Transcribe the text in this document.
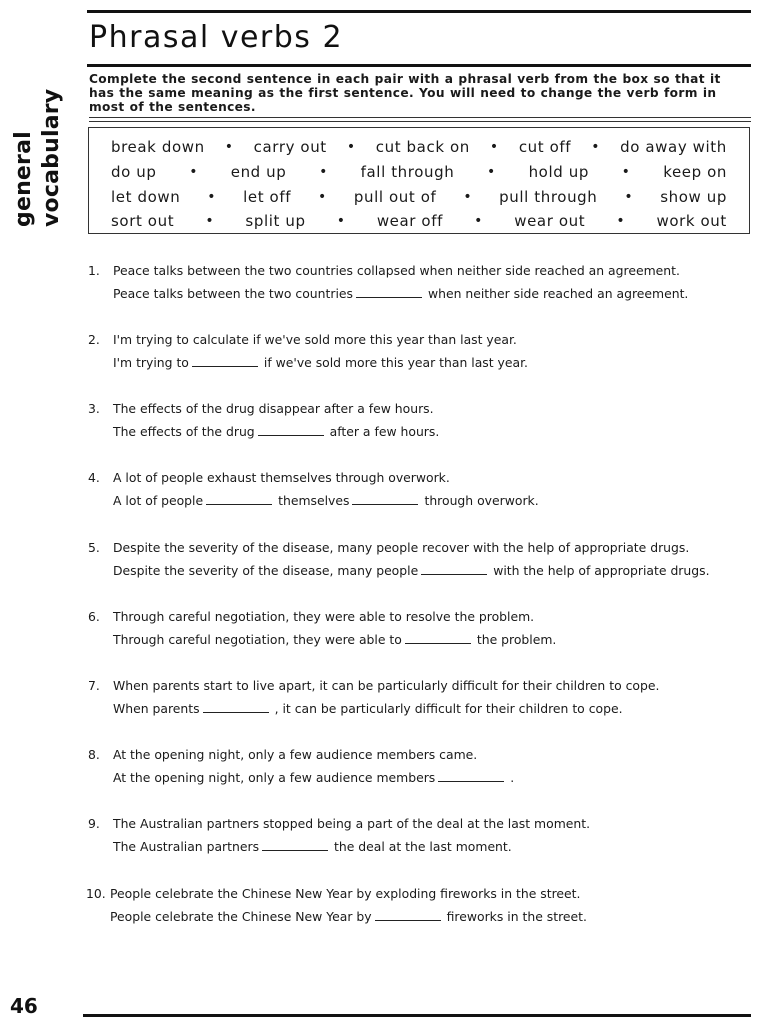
general vocabulary
Phrasal verbs 2
Complete the second sentence in each pair with a phrasal verb from the box so that it has the same meaning as the first sentence. You will need to change the verb form in most of the sentences.
break down • carry out • cut back on • cut off • do away with
do up • end up • fall through • hold up • keep on
let down • let off • pull out of • pull through • show up
sort out • split up • wear off • wear out • work out
1. Peace talks between the two countries collapsed when neither side reached an agreement.
Peace talks between the two countries	when neither side reached an agreement.
2. I'm trying to calculate if we've sold more this year than last year.
I'm trying to	if we've sold more this year than last year.
3. The effects of the drug disappear after a few hours.
The effects of the drug	after a few hours.
4. A lot of people exhaust themselves through overwork.
A lot of people	themselves	through overwork.
5. Despite the severity of the disease, many people recover with the help of appropriate drugs.
Despite the severity of the disease, many people	with the help of appropriate drugs.
6. Through careful negotiation, they were able to resolve the problem.
Through careful negotiation, they were able to	the problem.
7. When parents start to live apart, it can be particularly difficult for their children to cope.
When parents	, it can be particularly difficult for their children to cope.
8. At the opening night, only a few audience members came.
At the opening night, only a few audience members	.
9. The Australian partners stopped being a part of the deal at the last moment.
The Australian partners	the deal at the last moment.
10. People celebrate the Chinese New Year by exploding fireworks in the street.
People celebrate the Chinese New Year by	fireworks in the street.
46
